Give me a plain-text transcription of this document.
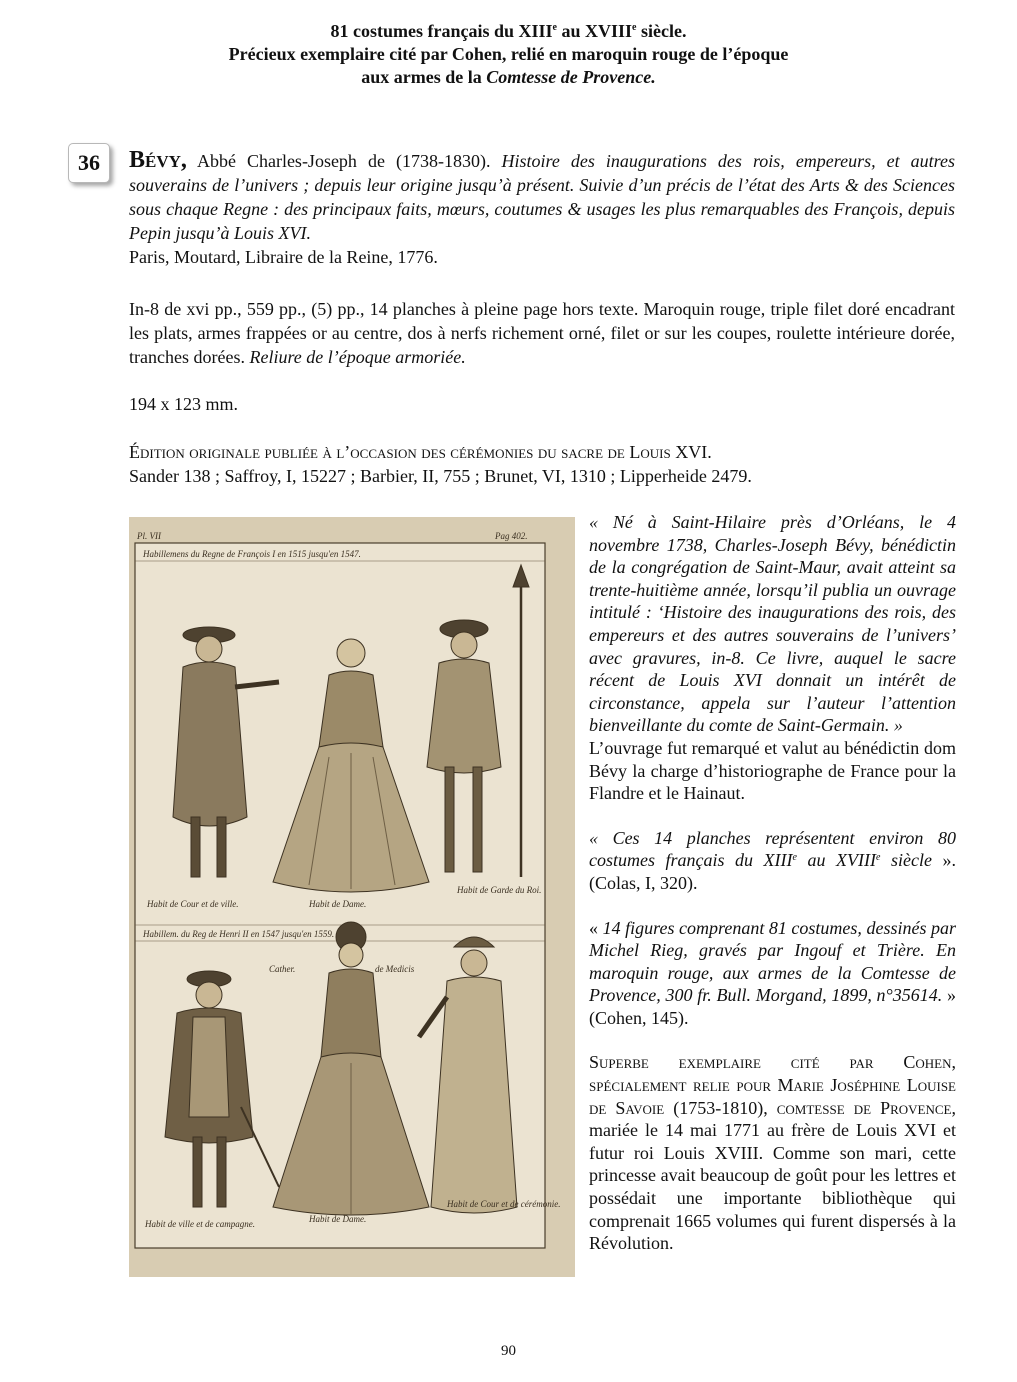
81 costumes français du XIIIe au XVIIIe siècle.
Précieux exemplaire cité par Cohen, relié en maroquin rouge de l’époque
aux armes de la Comtesse de Provence.
36	Bévy, Abbé Charles-Joseph de (1738-1830). Histoire des inaugurations des rois, empereurs, et autres souverains de l’univers ; depuis leur origine jusqu’à présent. Suivie d’un précis de l’état des Arts & des Sciences sous chaque Regne : des principaux faits, mœurs, coutumes & usages les plus remarquables des François, depuis Pepin jusqu’à Louis XVI.

Paris, Moutard, Libraire de la Reine, 1776.

In-8 de xvi pp., 559 pp., (5) pp., 14 planches à pleine page hors texte. Maroquin rouge, triple filet doré encadrant les plats, armes frappées or au centre, dos à nerfs richement orné, filet or sur les coupes, roulette intérieure dorée, tranches dorées. Reliure de l’époque armoriée.

194 x 123 mm.

Édition originale publiée à l’occasion des cérémonies du sacre de Louis XVI.

Sander 138 ; Saffroy, I, 15227 ; Barbier, II, 755 ; Brunet, VI, 1310 ; Lipperheide 2479.

Pl. VII	Pag 402.
Habillemens du Regne de François I en 1515 jusqu'en 1547.
Habit de Cour et de ville.	Habit de Dame.
Habit de Garde du Roi.
Habillem. du Reg de Henri II en 1547 jusqu'en 1559.
Cather.	de Medicis
Habit de ville et de campagne.	Habit de Dame.
Habit de Cour et de cérémonie.

« Né à Saint-Hilaire près d’Orléans, le 4 novembre 1738, Charles-Joseph Bévy, bénédictin de la congrégation de Saint-Maur, avait atteint sa trente-huitième année, lorsqu’il publia un ouvrage intitulé : ‘Histoire des inaugurations des rois, des empereurs et des autres souverains de l’univers’ avec gravures, in-8. Ce livre, auquel le sacre récent de Louis XVI donnait un intérêt de circonstance, appela sur l’auteur l’attention bienveillante du comte de Saint-Germain. »

L’ouvrage fut remarqué et valut au bénédictin dom Bévy la charge d’historiographe de France pour la Flandre et le Hainaut.

« Ces 14 planches représentent environ 80 costumes français du XIIIe au XVIIIe siècle ». (Colas, I, 320).

« 14 figures comprenant 81 costumes, dessinés par Michel Rieg, gravés par Ingouf et Trière. En maroquin rouge, aux armes de la Comtesse de Provence, 300 fr. Bull. Morgand, 1899, n°35614. » (Cohen, 145).

Superbe exemplaire cité par Cohen, spécialement relie pour Marie Joséphine Louise de Savoie (1753-1810), comtesse de Provence, mariée le 14 mai 1771 au frère de Louis XVI et futur roi Louis XVIII. Comme son mari, cette princesse avait beaucoup de goût pour les lettres et possédait une importante bibliothèque qui comprenait 1665 volumes qui furent dispersés à la Révolution.

90
